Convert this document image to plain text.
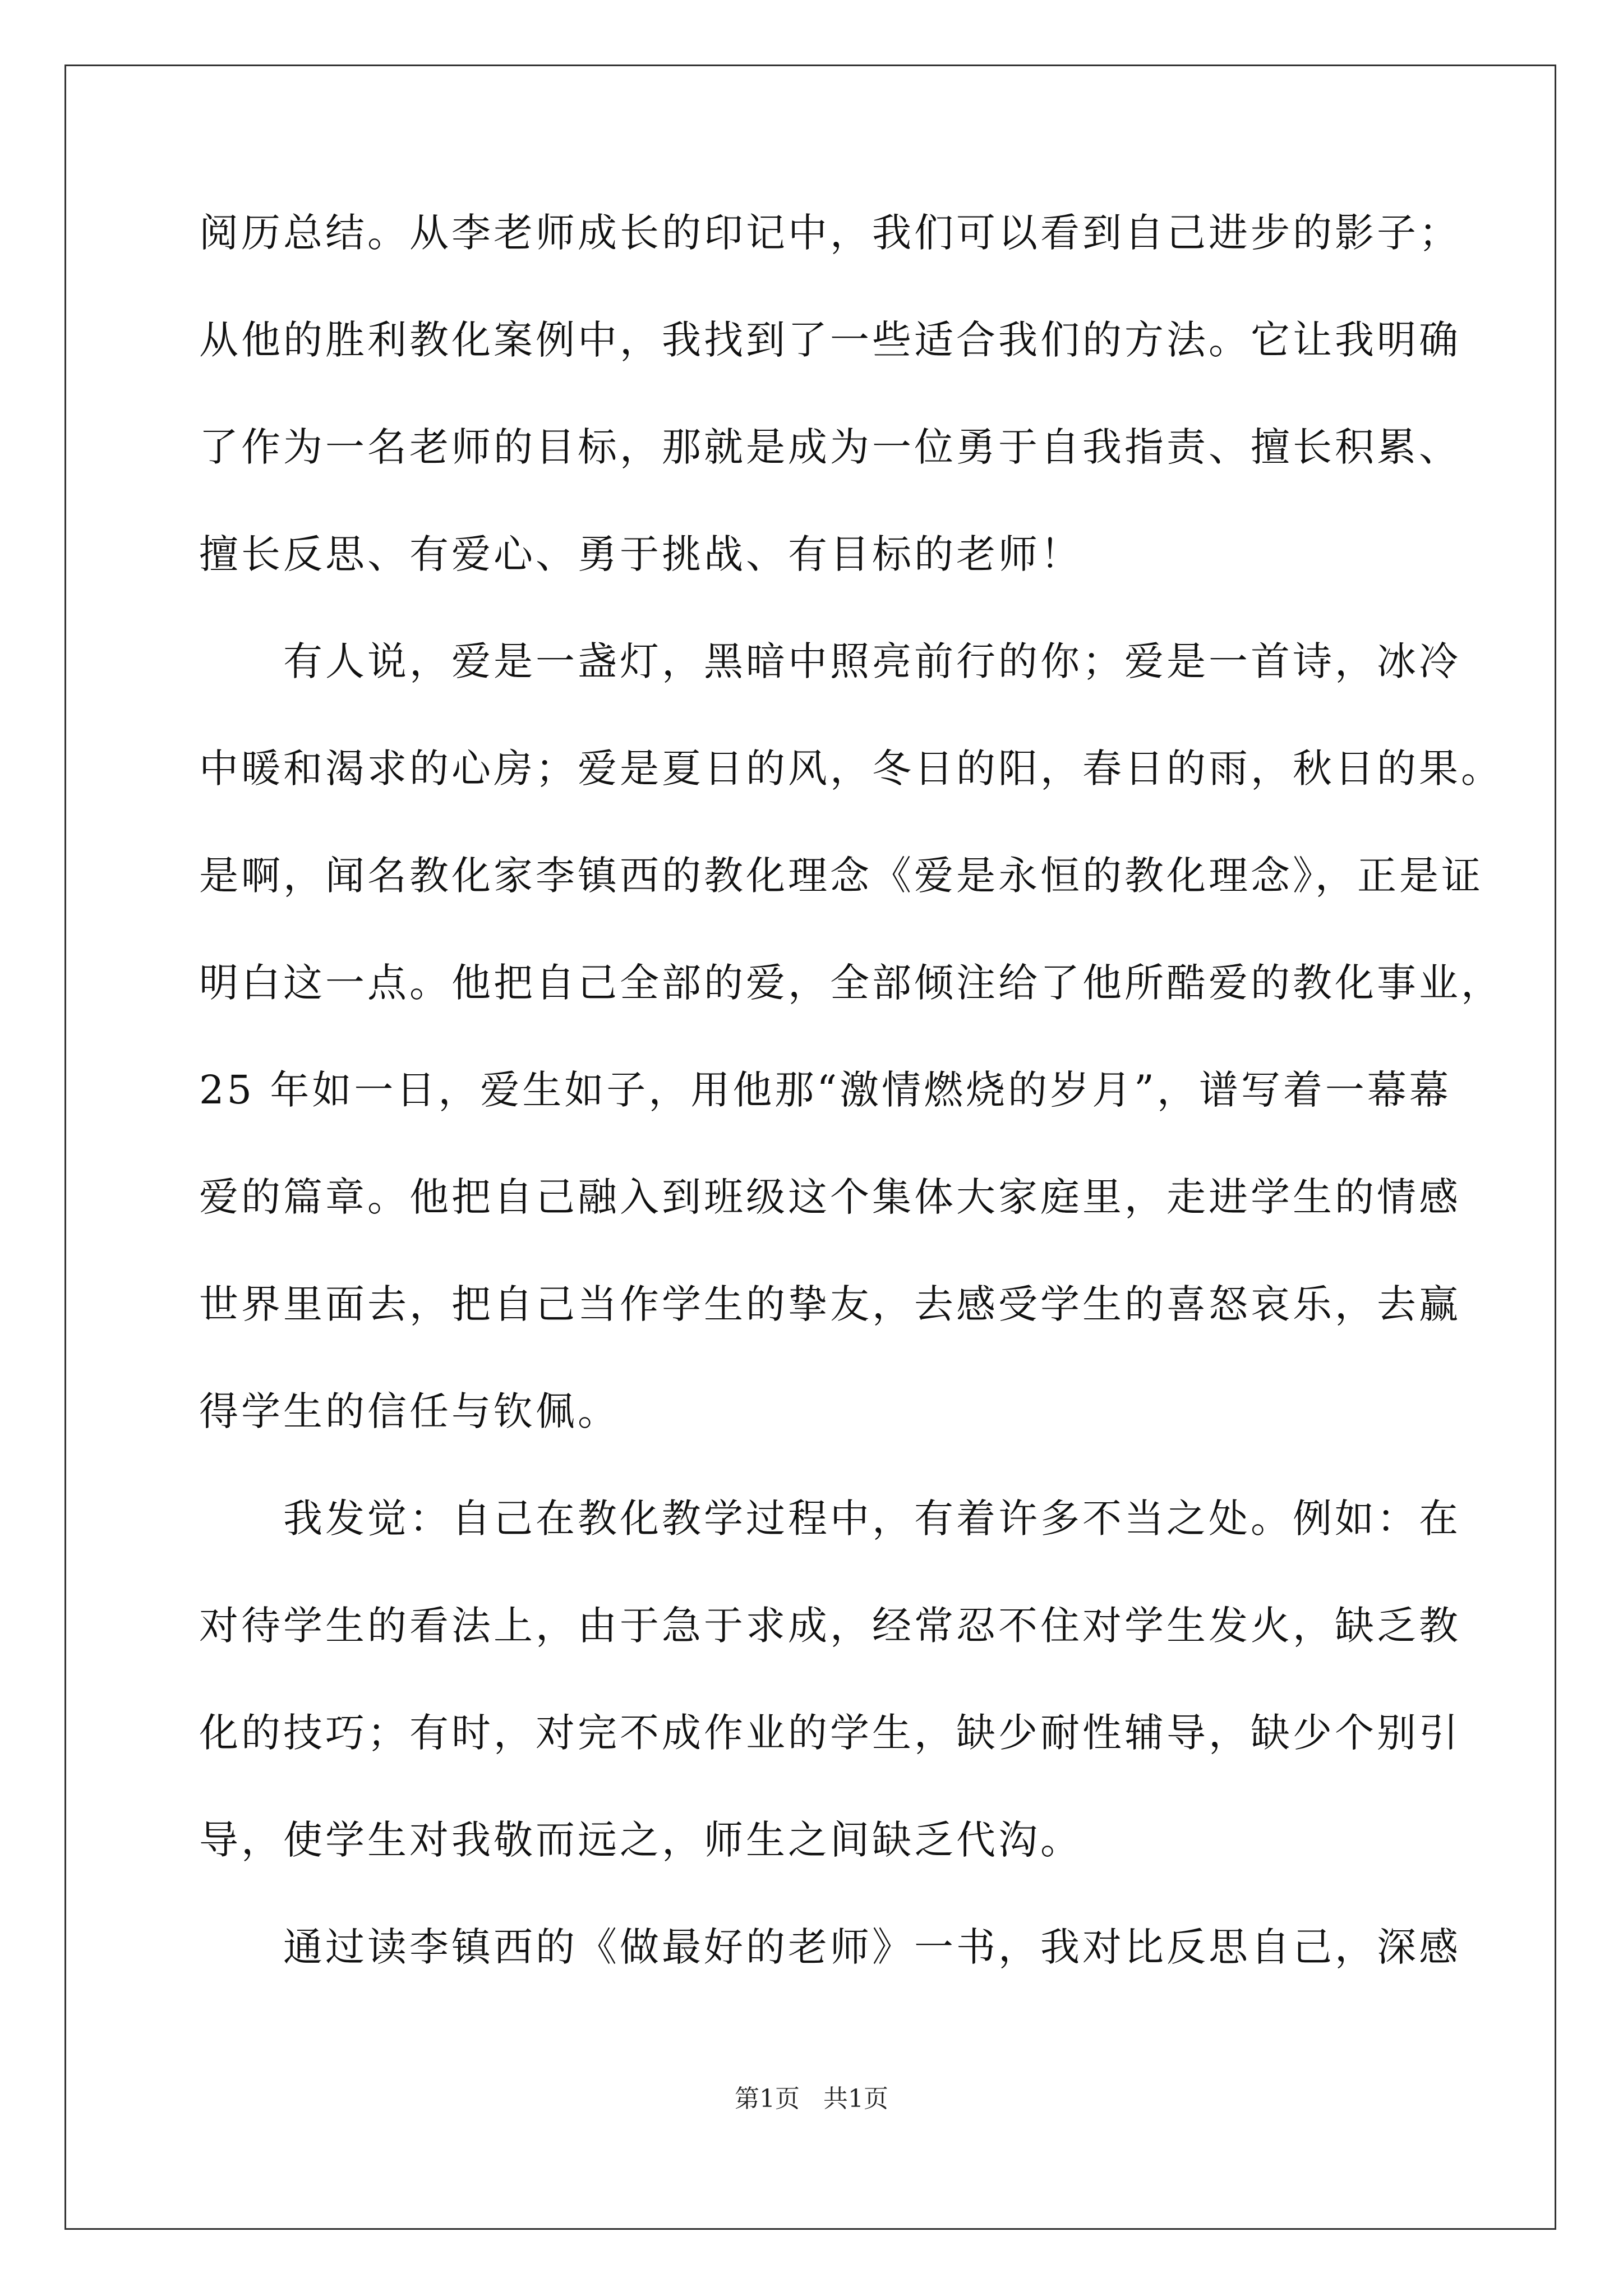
阅历总结。从李老师成长的印记中，我们可以看到自己进步的影子；

从他的胜利教化案例中，我找到了一些适合我们的方法。它让我明确

了作为一名老师的目标，那就是成为一位勇于自我指责、擅长积累、

擅长反思、有爱心、勇于挑战、有目标的老师！

有人说，爱是一盏灯，黑暗中照亮前行的你；爱是一首诗，冰冷

中暖和渴求的心房；爱是夏日的风，冬日的阳，春日的雨，秋日的果。

是啊，闻名教化家李镇西的教化理念《爱是永恒的教化理念》，正是证

明白这一点。他把自己全部的爱，全部倾注给了他所酷爱的教化事业，

25 年如一日，爱生如子，用他那“激情燃烧的岁月”，谱写着一幕幕

爱的篇章。他把自己融入到班级这个集体大家庭里，走进学生的情感

世界里面去，把自己当作学生的挚友，去感受学生的喜怒哀乐，去赢

得学生的信任与钦佩。

我发觉：自己在教化教学过程中，有着许多不当之处。例如：在

对待学生的看法上，由于急于求成，经常忍不住对学生发火，缺乏教

化的技巧；有时，对完不成作业的学生，缺少耐性辅导，缺少个别引

导，使学生对我敬而远之，师生之间缺乏代沟。

通过读李镇西的《做最好的老师》一书，我对比反思自己，深感

第1页   共1页
